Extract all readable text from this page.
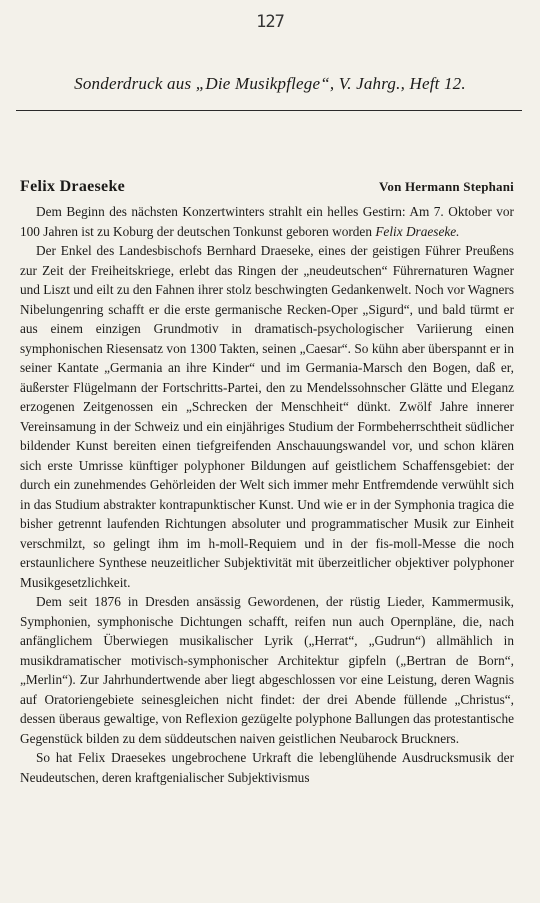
127
Sonderdruck aus „Die Musikpflege“, V. Jahrg., Heft 12.
Felix Draeseke	Von Hermann Stephani

Dem Beginn des nächsten Konzertwinters strahlt ein helles Gestirn: Am 7. Oktober vor 100 Jahren ist zu Koburg der deutschen Tonkunst geboren worden Felix Draeseke.

Der Enkel des Landesbischofs Bernhard Draeseke, eines der geistigen Führer Preußens zur Zeit der Freiheitskriege, erlebt das Ringen der „neudeutschen“ Führernaturen Wagner und Liszt und eilt zu den Fahnen ihrer stolz beschwingten Gedankenwelt. Noch vor Wagners Nibelungenring schafft er die erste germanische Recken-Oper „Sigurd“, und bald türmt er aus einem einzigen Grundmotiv in dramatisch-psychologischer Variierung einen symphonischen Riesensatz von 1300 Takten, seinen „Caesar“. So kühn aber überspannt er in seiner Kantate „Germania an ihre Kinder“ und im Germania-Marsch den Bogen, daß er, äußerster Flügelmann der Fortschritts-Partei, den zu Mendelssohnscher Glätte und Eleganz erzogenen Zeitgenossen ein „Schrecken der Menschheit“ dünkt. Zwölf Jahre innerer Vereinsamung in der Schweiz und ein einjähriges Studium der Formbeherrschtheit südlicher bildender Kunst bereiten einen tiefgreifenden Anschauungswandel vor, und schon klären sich erste Umrisse künftiger polyphoner Bildungen auf geistlichem Schaffensgebiet: der durch ein zunehmendes Gehörleiden der Welt sich immer mehr Entfremdende verwühlt sich in das Studium abstrakter kontrapunktischer Kunst. Und wie er in der Symphonia tragica die bisher getrennt laufenden Richtungen absoluter und programmatischer Musik zur Einheit verschmilzt, so gelingt ihm im h-moll-Requiem und in der fis-moll-Messe die noch erstaunlichere Synthese neuzeitlicher Subjektivität mit überzeitlicher objektiver polyphoner Musikgesetzlichkeit.

Dem seit 1876 in Dresden ansässig Gewordenen, der rüstig Lieder, Kammermusik, Symphonien, symphonische Dichtungen schafft, reifen nun auch Opernpläne, die, nach anfänglichem Überwiegen musikalischer Lyrik („Herrat“, „Gudrun“) allmählich in musikdramatischer motivisch-symphonischer Architektur gipfeln („Bertran de Born“, „Merlin“). Zur Jahrhundertwende aber liegt abgeschlossen vor eine Leistung, deren Wagnis auf Oratoriengebiete seinesgleichen nicht findet: der drei Abende füllende „Christus“, dessen überaus gewaltige, von Reflexion gezügelte polyphone Ballungen das protestantische Gegenstück bilden zu dem süddeutschen naiven geistlichen Neubarock Bruckners.

So hat Felix Draesekes ungebrochene Urkraft die lebenglühende Ausdrucksmusik der Neudeutschen, deren kraftgenialischer Subjektivismus
